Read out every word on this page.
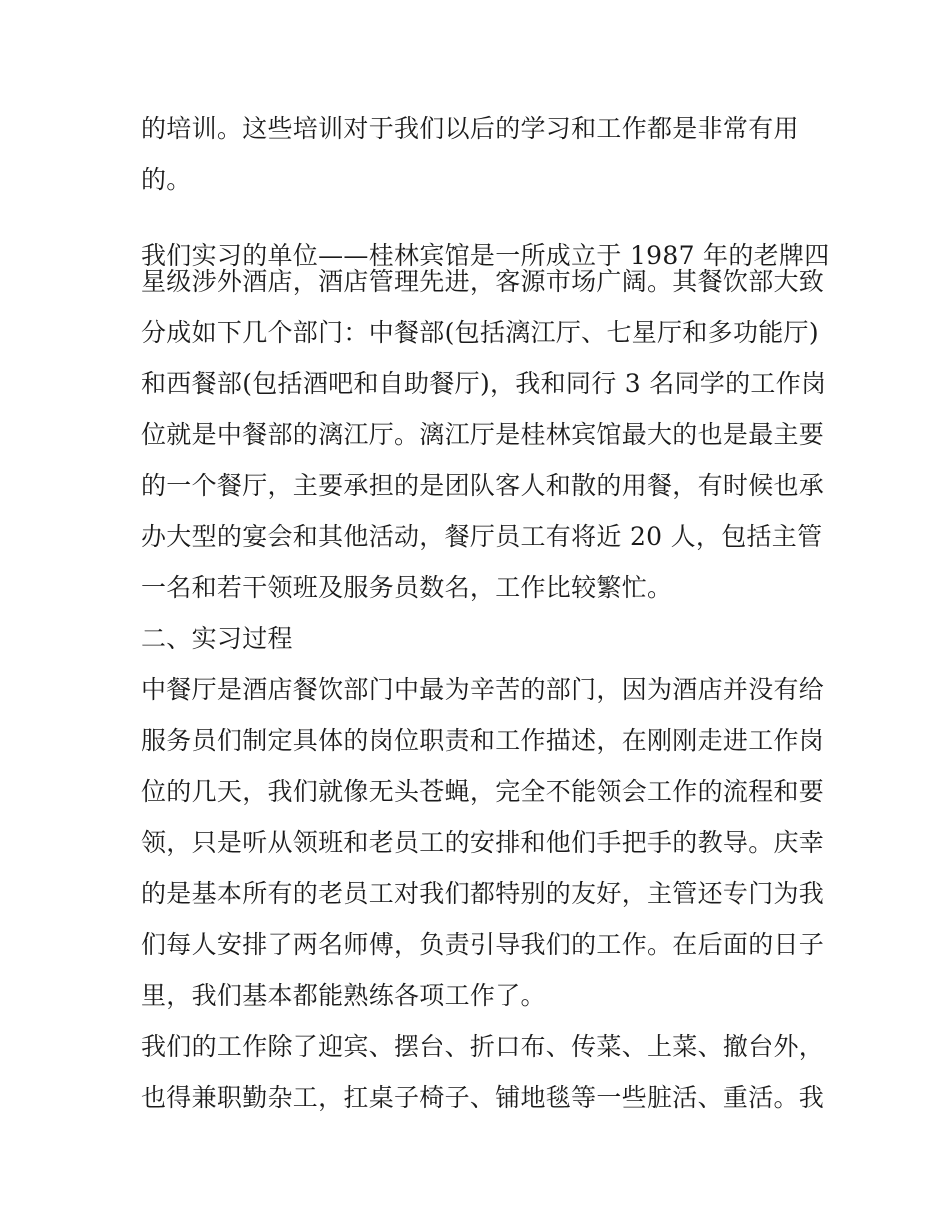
的培训。这些培训对于我们以后的学习和工作都是非常有用
的。
我们实习的单位——桂林宾馆是一所成立于 1987 年的老牌四
星级涉外酒店，酒店管理先进，客源市场广阔。其餐饮部大致
分成如下几个部门：中餐部(包括漓江厅、七星厅和多功能厅)
和西餐部(包括酒吧和自助餐厅)，我和同行 3 名同学的工作岗
位就是中餐部的漓江厅。漓江厅是桂林宾馆最大的也是最主要
的一个餐厅，主要承担的是团队客人和散的用餐，有时候也承
办大型的宴会和其他活动，餐厅员工有将近 20 人，包括主管
一名和若干领班及服务员数名，工作比较繁忙。
二、实习过程
中餐厅是酒店餐饮部门中最为辛苦的部门，因为酒店并没有给
服务员们制定具体的岗位职责和工作描述，在刚刚走进工作岗
位的几天，我们就像无头苍蝇，完全不能领会工作的流程和要
领，只是听从领班和老员工的安排和他们手把手的教导。庆幸
的是基本所有的老员工对我们都特别的友好，主管还专门为我
们每人安排了两名师傅，负责引导我们的工作。在后面的日子
里，我们基本都能熟练各项工作了。
我们的工作除了迎宾、摆台、折口布、传菜、上菜、撤台外，
也得兼职勤杂工，扛桌子椅子、铺地毯等一些脏活、重活。我
